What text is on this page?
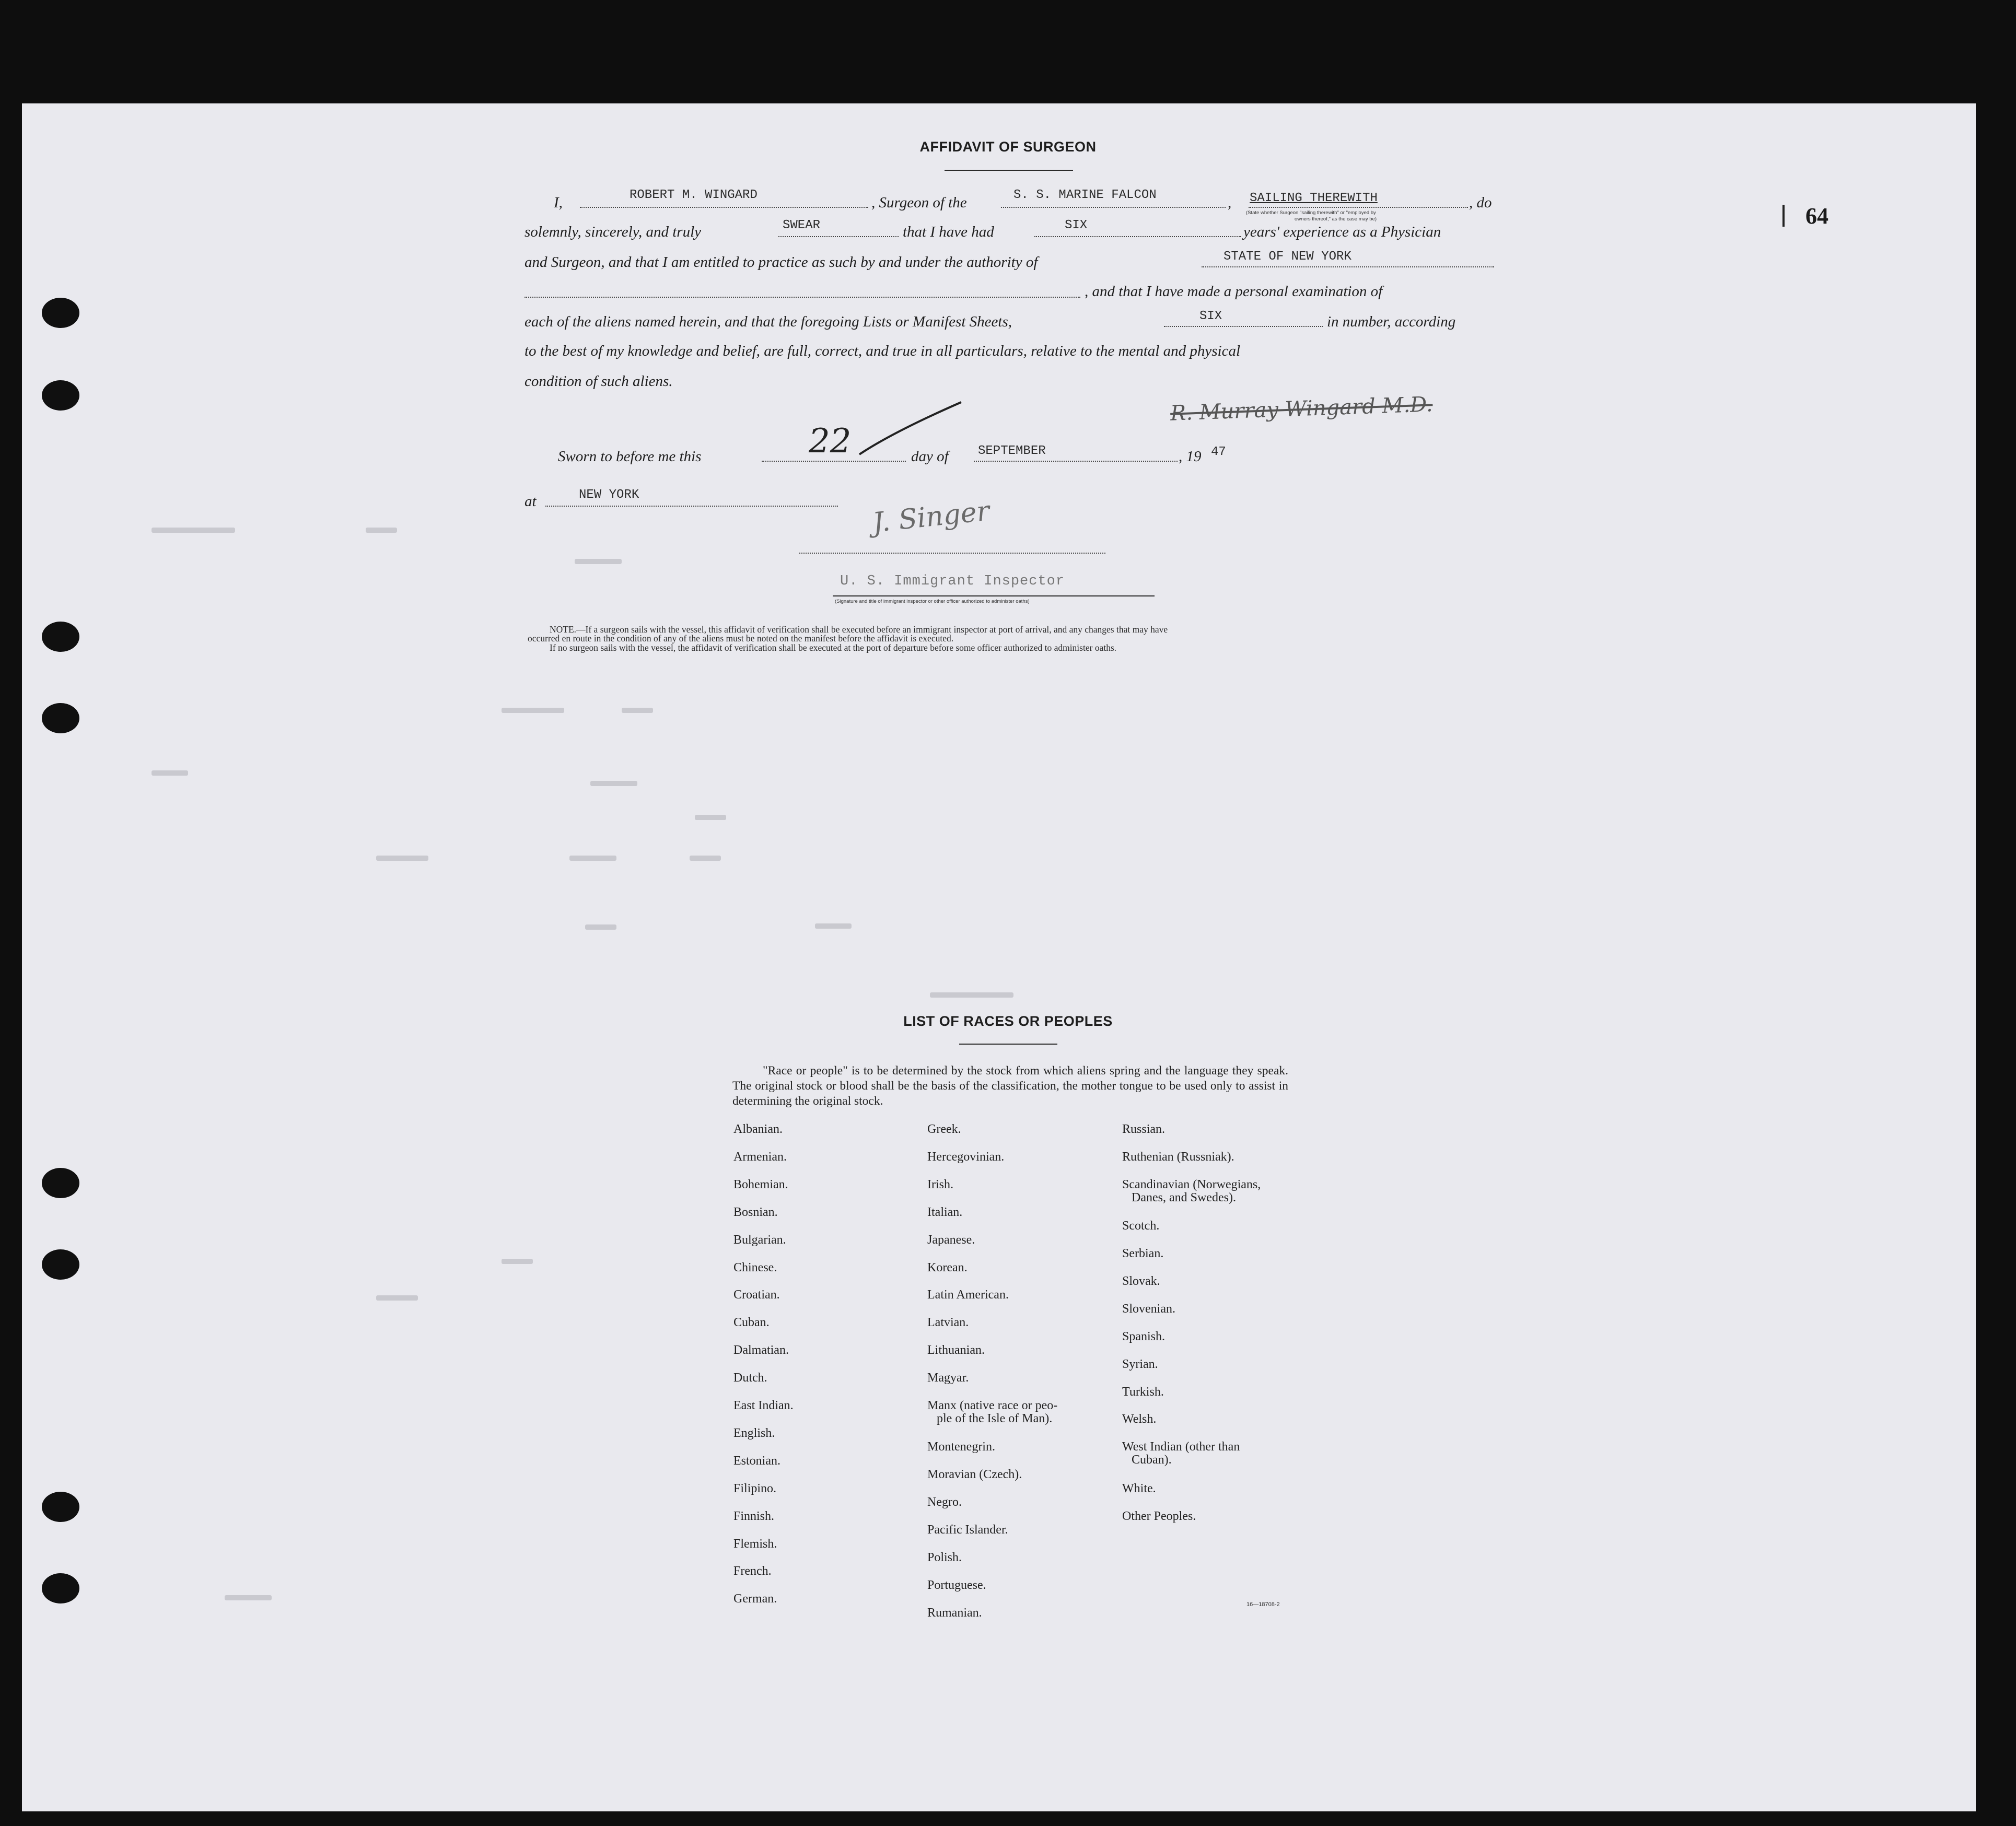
64
AFFIDAVIT OF SURGEON
I,	ROBERT M. WINGARD	, Surgeon of the	S. S. MARINE FALCON	, SAILING THEREWITH	, do
(State whether Surgeon "sailing therewith" or "employed by
owners thereof," as the case may be)
solemnly, sincerely, and truly	SWEAR	that I have had	SIX	years' experience as a Physician
and Surgeon, and that I am entitled to practice as such by and under the authority of	STATE OF NEW YORK
, and that I have made a personal examination of
each of the aliens named herein, and that the foregoing Lists or Manifest Sheets,	SIX	in number, according
to the best of my knowledge and belief, are full, correct, and true in all particulars, relative to the mental and physical
condition of such aliens.
R. Murray Wingard M.D.
Sworn to before me this	22	day of SEPTEMBER	, 19 47
at	NEW YORK
J. Singer
U. S. Immigrant Inspector
(Signature and title of immigrant inspector or other officer authorized to administer oaths)
NOTE.—If a surgeon sails with the vessel, this affidavit of verification shall be executed before an immigrant inspector at port of arrival, and any changes that may have
occurred en route in the condition of any of the aliens must be noted on the manifest before the affidavit is executed.
If no surgeon sails with the vessel, the affidavit of verification shall be executed at the port of departure before some officer authorized to administer oaths.
LIST OF RACES OR PEOPLES
"Race or people" is to be determined by the stock from which aliens spring and the language they speak. The original stock or blood shall be the basis of the classification, the mother tongue to be used only to assist in determining the original stock.
Albanian.
Armenian.
Bohemian.
Bosnian.
Bulgarian.
Chinese.
Croatian.
Cuban.
Dalmatian.
Dutch.
East Indian.
English.
Estonian.
Filipino.
Finnish.
Flemish.
French.
German.
Greek.
Hercegovinian.
Irish.
Italian.
Japanese.
Korean.
Latin American.
Latvian.
Lithuanian.
Magyar.
Manx (native race or peo-
ple of the Isle of Man).
Montenegrin.
Moravian (Czech).
Negro.
Pacific Islander.
Polish.
Portuguese.
Rumanian.
Russian.
Ruthenian (Russniak).
Scandinavian (Norwegians,
Danes, and Swedes).
Scotch.
Serbian.
Slovak.
Slovenian.
Spanish.
Syrian.
Turkish.
Welsh.
West Indian (other than
Cuban).
White.
Other Peoples.
16—18708-2
